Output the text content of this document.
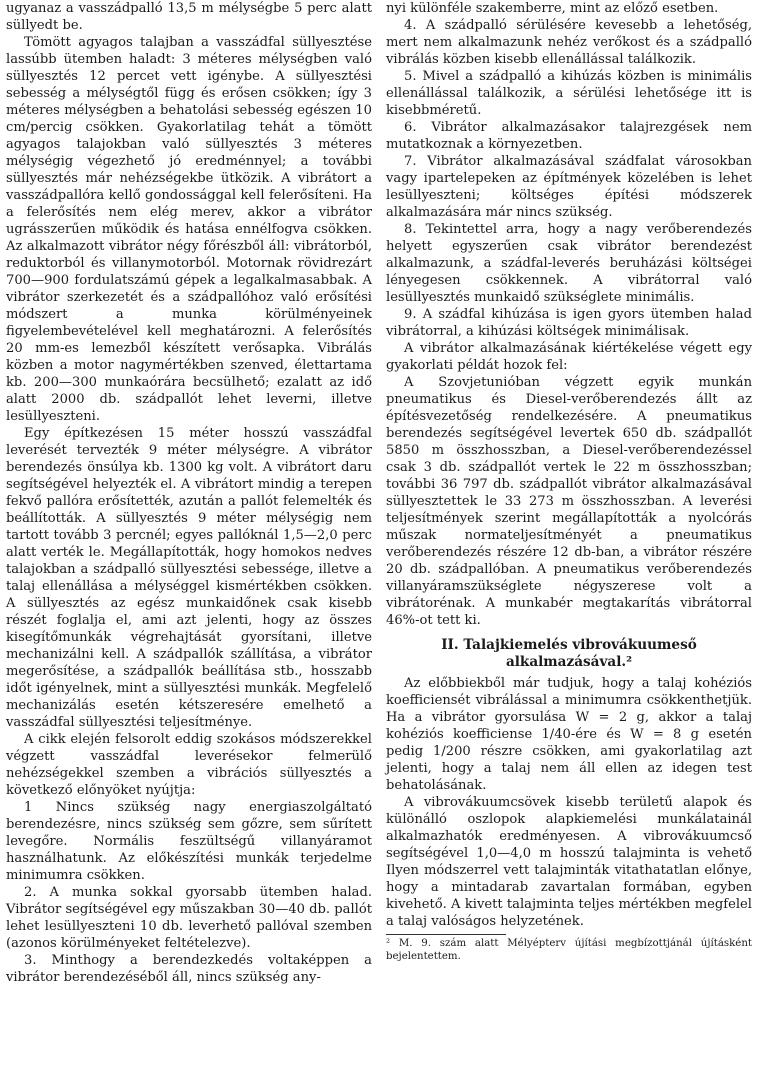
ugyanaz a vasszádpalló 13,5 m mélységbe 5 perc alatt süllyedt be.

Tömött agyagos talajban a vasszádfal süllyesztése lassúbb ütemben haladt: 3 méteres mélységben való süllyesztés 12 percet vett igénybe. A süllyesztési sebesség a mélységtől függ és erősen csökken; így 3 méteres mélységben a behatolási sebesség egészen 10 cm/percig csökken. Gyakorlatilag tehát a tömött agyagos talajokban való süllyesztés 3 méteres mélységig végezhető jó eredménnyel; a további süllyesztés már nehézségekbe ütközik. A vibrátort a vasszádpallóra kellő gondossággal kell felerősíteni. Ha a felerősítés nem elég merev, akkor a vibrátor ugrásszerűen működik és hatása ennélfogva csökken. Az alkalmazott vibrátor négy főrészből áll: vibrátorból, reduktorból és villanymotorból. Motornak rövidrezárt 700—900 fordulatszámú gépek a legalkalmasabbak. A vibrátor szerkezetét és a szádpallóhoz való erősítési módszert a munka körülményeinek figyelembevételével kell meghatározni. A felerősítés 20 mm-es lemezből készített verősapka. Vibrálás közben a motor nagymértékben szenved, élettartama kb. 200—300 munkaórára becsülhető; ezalatt az idő alatt 2000 db. szádpallót lehet leverni, illetve lesüllyeszteni.

Egy építkezésen 15 méter hosszú vasszádfal leverését tervezték 9 méter mélységre. A vibrátor berendezés önsúlya kb. 1300 kg volt. A vibrátort daru segítségével helyezték el. A vibrátort mindig a terepen fekvő pallóra erősítették, azután a pallót felemelték és beállították. A süllyesztés 9 méter mélységig nem tartott tovább 3 percnél; egyes pallóknál 1,5—2,0 perc alatt verték le. Megállapították, hogy homokos nedves talajokban a szádpalló süllyesztési sebessége, illetve a talaj ellenállása a mélységgel kismértékben csökken. A süllyesztés az egész munkaidőnek csak kisebb részét foglalja el, ami azt jelenti, hogy az összes kisegítőmunkák végrehajtását gyorsítani, illetve mechanizálni kell. A szádpallók szállítása, a vibrátor megerősítése, a szádpallók beállítása stb., hosszabb időt igényelnek, mint a süllyesztési munkák. Megfelelő mechanizálás esetén kétszeresére emelhető a vasszádfal süllyesztési teljesítménye.

A cikk elején felsorolt eddig szokásos módszerekkel végzett vasszádfal leverésekor felmerülő nehézségekkel szemben a vibrációs süllyesztés a következő előnyöket nyújtja:

1 Nincs szükség nagy energiaszolgáltató berendezésre, nincs szükség sem gőzre, sem sűrített levegőre. Normális feszültségű villanyáramot használhatunk. Az előkészítési munkák terjedelme minimumra csökken.

2. A munka sokkal gyorsabb ütemben halad. Vibrátor segítségével egy műszakban 30—40 db. pallót lehet lesüllyeszteni 10 db. leverhető pallóval szemben (azonos körülményeket feltételezve).

3. Minthogy a berendezkedés voltaképpen a vibrátor berendezéséből áll, nincs szükség any-

nyi különféle szakemberre, mint az előző esetben.

4. A szádpalló sérülésére kevesebb a lehetőség, mert nem alkalmazunk nehéz verőkost és a szádpalló vibrálás közben kisebb ellenállással találkozik.

5. Mivel a szádpalló a kihúzás közben is minimális ellenállással találkozik, a sérülési lehetősége itt is kisebbméretű.

6. Vibrátor alkalmazásakor talajrezgések nem mutatkoznak a környezetben.

7. Vibrátor alkalmazásával szádfalat városokban vagy ipartelepeken az építmények közelében is lehet lesüllyeszteni; költséges építési módszerek alkalmazására már nincs szükség.

8. Tekintettel arra, hogy a nagy verőberendezés helyett egyszerűen csak vibrátor berendezést alkalmazunk, a szádfal-leverés beruházási költségei lényegesen csökkennek. A vibrátorral való lesüllyesztés munkaidő szükséglete minimális.

9. A szádfal kihúzása is igen gyors ütemben halad vibrátorral, a kihúzási költségek minimálisak.

A vibrátor alkalmazásának kiértékelése végett egy gyakorlati példát hozok fel:

A Szovjetunióban végzett egyik munkán pneumatikus és Diesel-verőberendezés állt az építésvezetőség rendelkezésére. A pneumatikus berendezés segítségével levertek 650 db. szádpallót 5850 m összhosszban, a Diesel-verőberendezéssel csak 3 db. szádpallót vertek le 22 m összhosszban; további 36 797 db. szádpallót vibrátor alkalmazásával süllyesztettek le 33 273 m összhosszban. A leverési teljesítmények szerint megállapították a nyolcórás műszak normateljesítményét a pneumatikus verőberendezés részére 12 db-ban, a vibrátor részére 20 db. szádpallóban. A pneumatikus verőberendezés villanyáramszükséglete négyszerese volt a vibrátorénak. A munkabér megtakarítás vibrátorral 46%-ot tett ki.

II. Talajkiemelés vibrovákuumeső alkalmazásával.²

Az előbbiekből már tudjuk, hogy a talaj kohéziós koefficiensét vibrálással a minimumra csökkenthetjük. Ha a vibrátor gyorsulása W = 2 g, akkor a talaj kohéziós koefficiense 1/40-ére és W = 8 g esetén pedig 1/200 részre csökken, ami gyakorlatilag azt jelenti, hogy a talaj nem áll ellen az idegen test behatolásának.

A vibrovákuumcsövek kisebb területű alapok és különálló oszlopok alapkiemelési munkálatainál alkalmazhatók eredményesen. A vibrovákuumcső segítségével 1,0—4,0 m hosszú talajminta is vehető Ilyen módszerrel vett talajminták vitathatatlan előnye, hogy a mintadarab zavartalan formában, egyben kivehető. A kivett talajminta teljes mértékben megfelel a talaj valóságos helyzetének.

² M. 9. szám alatt Mélyépterv újítási megbízottjánál újításként bejelentettem.
